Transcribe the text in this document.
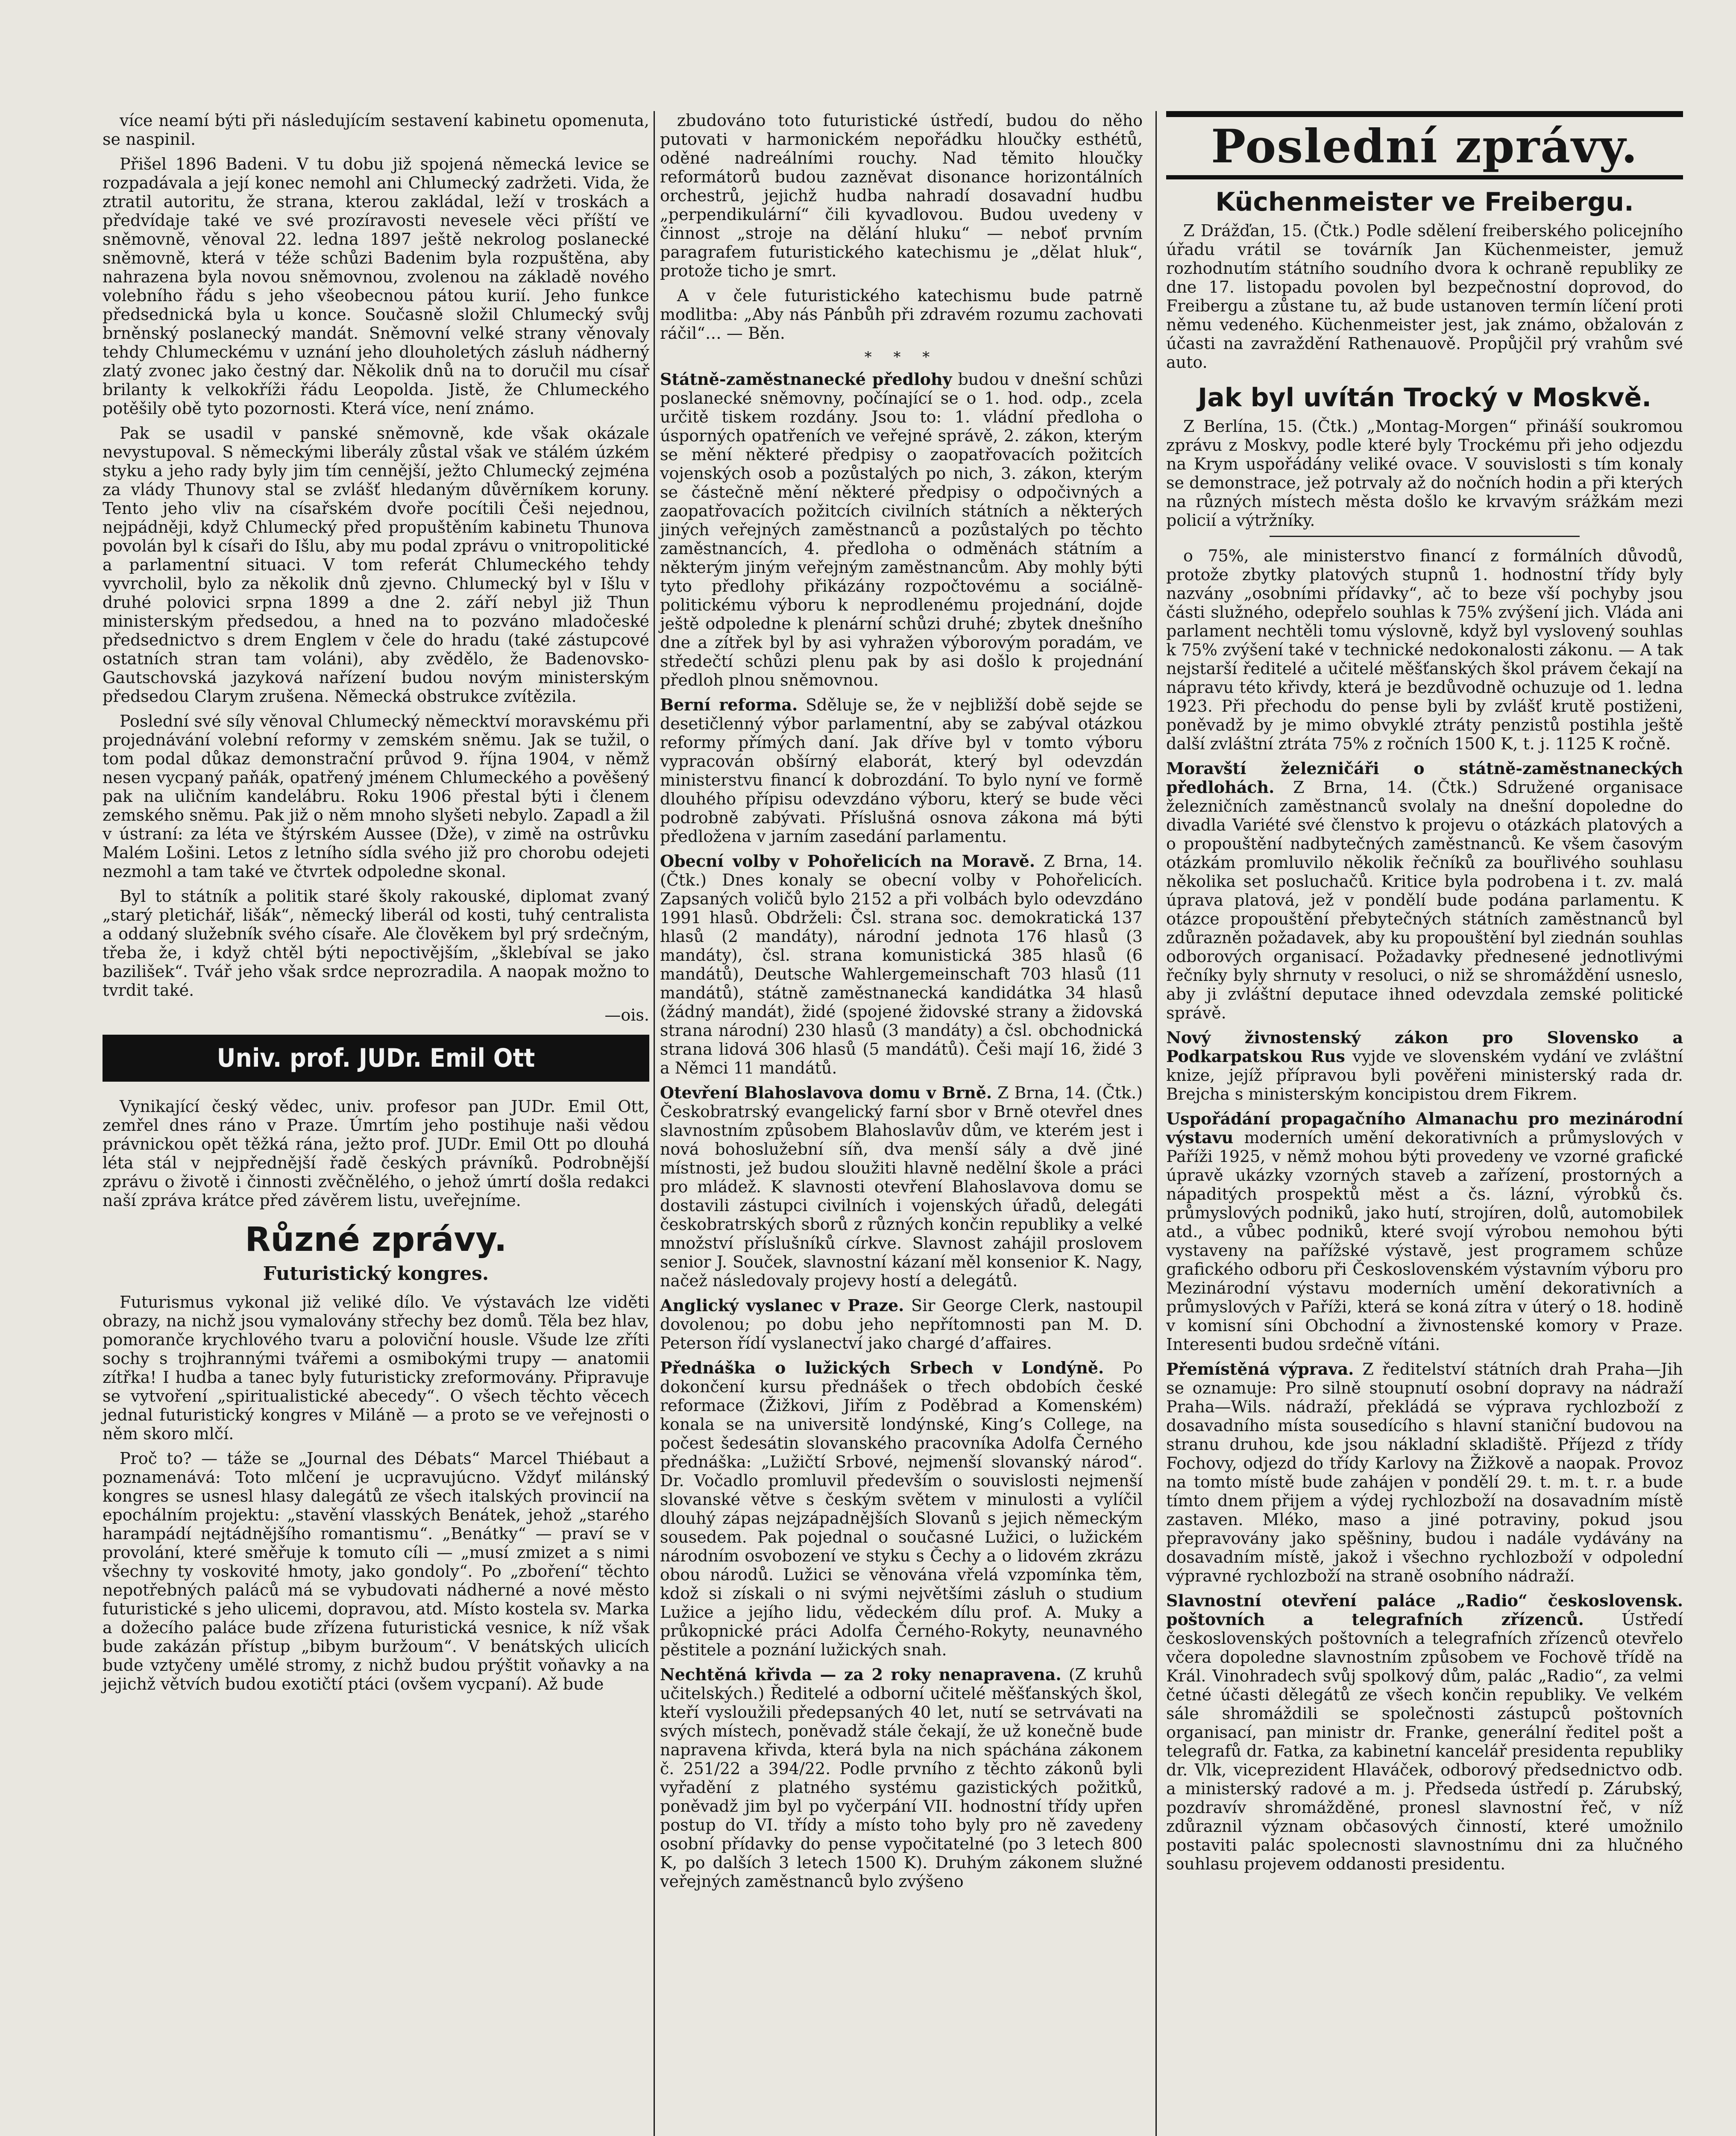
více neamí býti při následujícím sestavení kabinetu opomenuta, se naspinil.

Přišel 1896 Badeni. V tu dobu již spojená německá levice se rozpadávala a její konec nemohl ani Chlumecký zadržeti. Vida, že ztratil autoritu, že strana, kterou zakládal, leží v troskách a předvídaje také ve své prozíravosti nevesele věci příští ve sněmovně, věnoval 22. ledna 1897 ještě nekrolog poslanecké sněmovně, která v téže schůzi Badenim byla rozpuštěna, aby nahrazena byla novou sněmovnou, zvolenou na základě nového volebního řádu s jeho všeobecnou pátou kurií. Jeho funkce předsednická byla u konce. Současně složil Chlumecký svůj brněnský poslanecký mandát. Sněmovní velké strany věnovaly tehdy Chlumeckému v uznání jeho dlouholetých zásluh nádherný zlatý zvonec jako čestný dar. Několik dnů na to doručil mu císař brilanty k velkokříži řádu Leopolda. Jistě, že Chlumeckého potěšily obě tyto pozornosti. Která více, není známo.

Pak se usadil v panské sněmovně, kde však okázale nevystupoval. S německými liberály zůstal však ve stálém úzkém styku a jeho rady byly jim tím cennější, ježto Chlumecký zejména za vlády Thunovy stal se zvlášť hledaným důvěrníkem koruny. Tento jeho vliv na císařském dvoře pocítili Češi nejednou, nejpádněji, když Chlumecký před propuštěním kabinetu Thunova povolán byl k císaři do Išlu, aby mu podal zprávu o vnitropolitické a parlamentní situaci. V tom referát Chlumeckého tehdy vyvrcholil, bylo za několik dnů zjevno. Chlumecký byl v Išlu v druhé polovici srpna 1899 a dne 2. září nebyl již Thun ministerským předsedou, a hned na to pozváno mladočeské předsednictvo s drem Englem v čele do hradu (také zástupcové ostatních stran tam voláni), aby zvědělo, že Badenovsko-Gautschovská jazyková nařízení budou novým ministerským předsedou Clarym zrušena. Německá obstrukce zvítězila.

Poslední své síly věnoval Chlumecký německtví moravskému při projednávání volební reformy v zemském sněmu. Jak se tužil, o tom podal důkaz demonstrační průvod 9. října 1904, v němž nesen vycpaný paňák, opatřený jménem Chlumeckého a pověšený pak na uličním kandelábru. Roku 1906 přestal býti i členem zemského sněmu. Pak již o něm mnoho slyšeti nebylo. Zapadl a žil v ústraní: za léta ve štýrském Aussee (Dže), v zimě na ostrůvku Malém Lošini. Letos z letního sídla svého již pro chorobu odejeti nezmohl a tam také ve čtvrtek odpoledne skonal.

Byl to státník a politik staré školy rakouské, diplomat zvaný „starý pletichář, lišák“, německý liberál od kosti, tuhý centralista a oddaný služebník svého císaře. Ale člověkem byl prý srdečným, třeba že, i když chtěl býti nepoctivějším, „šklebíval se jako bazilišek“. Tvář jeho však srdce neprozradila. A naopak možno to tvrdit také.

—ois.

Univ. prof. JUDr. Emil Ott

Vynikající český vědec, univ. profesor pan JUDr. Emil Ott, zemřel dnes ráno v Praze. Úmrtím jeho postihuje naši vědou právnickou opět těžká rána, ježto prof. JUDr. Emil Ott po dlouhá léta stál v nejpřednější řadě českých právníků. Podrobnější zprávu o životě i činnosti zvěčnělého, o jehož úmrtí došla redakci naší zpráva krátce před závěrem listu, uveřejníme.

Různé zprávy.
Futuristický kongres.

Futurismus vykonal již veliké dílo. Ve výstavách lze viděti obrazy, na nichž jsou vymalovány střechy bez domů. Těla bez hlav, pomoranče krychlového tvaru a poloviční housle. Všude lze zříti sochy s trojhrannými tvářemi a osmibokými trupy — anatomii zítřka! I hudba a tanec byly futuristicky zreformovány. Připravuje se vytvoření „spiritualistické abecedy“. O všech těchto věcech jednal futuristický kongres v Miláně — a proto se ve veřejnosti o něm skoro mlčí.

Proč to? — táže se „Journal des Débats“ Marcel Thiébaut a poznamenává: Toto mlčení je ucpravujúcno. Vždyť milánský kongres se usnesl hlasy dalegátů ze všech italských provincií na epochálním projektu: „stavění vlasských Benátek, jehož „starého harampádí nejtádnějšího romantismu“. „Benátky“ — praví se v provolání, které směřuje k tomuto cíli — „musí zmizet a s nimi všechny ty voskovité hmoty, jako gondoly“. Po „zboření“ těchto nepotřebných paláců má se vybudovati nádherné a nové město futuristické s jeho ulicemi, dopravou, atd. Místo kostela sv. Marka a dožecího paláce bude zřízena futuristická vesnice, k níž však bude zakázán přístup „bibym buržoum“. V benátských ulicích bude vztyčeny umělé stromy, z nichž budou prýštit voňavky a na jejichž větvích budou exotičtí ptáci (ovšem vycpaní). Až bude

zbudováno toto futuristické ústředí, budou do něho putovati v harmonickém nepořádku hloučky esthétů, oděné nadreálními rouchy. Nad těmito hloučky reformátorů budou zazněvat disonance horizontálních orchestrů, jejichž hudba nahradí dosavadní hudbu „perpendikulární“ čili kyvadlovou. Budou uvedeny v činnost „stroje na dělání hluku“ — neboť prvním paragrafem futuristického katechismu je „dělat hluk“, protože ticho je smrt.

A v čele futuristického katechismu bude patrně modlitba: „Aby nás Pánbůh při zdravém rozumu zachovati ráčil“… — Běn.

* * *

Státně-zaměstnanecké předlohy budou v dnešní schůzi poslanecké sněmovny, počínající se o 1. hod. odp., zcela určitě tiskem rozdány. Jsou to: 1. vládní předloha o úsporných opatřeních ve veřejné správě, 2. zákon, kterým se mění některé předpisy o zaopatřovacích požitcích vojenských osob a pozůstalých po nich, 3. zákon, kterým se částečně mění některé předpisy o odpočivných a zaopatřovacích požitcích civilních státních a některých jiných veřejných zaměstnanců a pozůstalých po těchto zaměstnancích, 4. předloha o odměnách státním a některým jiným veřejným zaměstnancům. Aby mohly býti tyto předlohy přikázány rozpočtovému a sociálně-politickému výboru k neprodlenému projednání, dojde ještě odpoledne k plenární schůzi druhé; zbytek dnešního dne a zítřek byl by asi vyhražen výborovým poradám, ve středečtí schůzi plenu pak by asi došlo k projednání předloh plnou sněmovnou.

Berní reforma. Sděluje se, že v nejbližší době sejde se desetičlenný výbor parlamentní, aby se zabýval otázkou reformy přímých daní. Jak dříve byl v tomto výboru vypracován obšírný elaborát, který byl odevzdán ministerstvu financí k dobrozdání. To bylo nyní ve formě dlouhého přípisu odevzdáno výboru, který se bude věci podrobně zabývati. Příslušná osnova zákona má býti předložena v jarním zasedání parlamentu.

Obecní volby v Pohořelicích na Moravě. Z Brna, 14. (Čtk.) Dnes konaly se obecní volby v Pohořelicích. Zapsaných voličů bylo 2152 a při volbách bylo odevzdáno 1991 hlasů. Obdrželi: Čsl. strana soc. demokratická 137 hlasů (2 mandáty), národní jednota 176 hlasů (3 mandáty), čsl. strana komunistická 385 hlasů (6 mandátů), Deutsche Wahlergemeinschaft 703 hlasů (11 mandátů), státně zaměstnanecká kandidátka 34 hlasů (žádný mandát), židé (spojené židovské strany a židovská strana národní) 230 hlasů (3 mandáty) a čsl. obchodnická strana lidová 306 hlasů (5 mandátů). Češi mají 16, židé 3 a Němci 11 mandátů.

Otevření Blahoslavova domu v Brně. Z Brna, 14. (Čtk.) Českobratrský evangelický farní sbor v Brně otevřel dnes slavnostním způsobem Blahoslavův dům, ve kterém jest i nová bohoslužební síň, dva menší sály a dvě jiné místnosti, jež budou sloužiti hlavně nedělní škole a práci pro mládež. K slavnosti otevření Blahoslavova domu se dostavili zástupci civilních i vojenských úřadů, delegáti českobratrských sborů z různých končin republiky a velké množství příslušníků církve. Slavnost zahájil proslovem senior J. Souček, slavnostní kázaní měl konsenior K. Nagy, načež následovaly projevy hostí a delegátů.

Anglický vyslanec v Praze. Sir George Clerk, nastoupil dovolenou; po dobu jeho nepřítomnosti pan M. D. Peterson řídí vyslanectví jako chargé d’affaires.

Přednáška o lužických Srbech v Londýně. Po dokončení kursu přednášek o třech obdobích české reformace (Žižkovi, Jiřím z Poděbrad a Komenském) konala se na universitě londýnské, King’s College, na počest šedesátin slovanského pracovníka Adolfa Černého přednáška: „Lužičtí Srbové, nejmenší slovanský národ“. Dr. Vočadlo promluvil především o souvislosti nejmenší slovanské větve s českým světem v minulosti a vylíčil dlouhý zápas nejzápadnějších Slovanů s jejich německým sousedem. Pak pojednal o současné Lužici, o lužickém národním osvobození ve styku s Čechy a o lidovém zkrázu obou národů. Lužici se věnována vřelá vzpomínka těm, kdož si získali o ni svými největšími zásluh o studium Lužice a jejího lidu, vědeckém dílu prof. A. Muky a průkopnické práci Adolfa Černého-Rokyty, neunavného pěstitele a poznání lužických snah.

Nechtěná křivda — za 2 roky nenapravena. (Z kruhů učitelských.) Ředitelé a odborní učitelé měšťanských škol, kteří vysloužili předepsaných 40 let, nutí se setrvávati na svých místech, poněvadž stále čekají, že už konečně bude napravena křivda, která byla na nich spáchána zákonem č. 251/22 a 394/22. Podle prvního z těchto zákonů byli vyřadění z platného systému gazistických požitků, poněvadž jim byl po vyčerpání VII. hodnostní třídy upřen postup do VI. třídy a místo toho byly pro ně zavedeny osobní přídavky do pense vypočitatelné (po 3 letech 800 K, po dalších 3 letech 1500 K). Druhým zákonem služné veřejných zaměstnanců bylo zvýšeno

Poslední zprávy.
Küchenmeister ve Freibergu.

Z Drážďan, 15. (Čtk.) Podle sdělení freiberského policejního úřadu vrátil se továrník Jan Küchenmeister, jemuž rozhodnutím státního soudního dvora k ochraně republiky ze dne 17. listopadu povolen byl bezpečnostní doprovod, do Freibergu a zůstane tu, až bude ustanoven termín líčení proti němu vedeného. Küchenmeister jest, jak známo, obžalován z účasti na zavraždění Rathenauově. Propůjčil prý vrahům své auto.

Jak byl uvítán Trocký v Moskvě.

Z Berlína, 15. (Čtk.) „Montag-Morgen“ přináší soukromou zprávu z Moskvy, podle které byly Trockému při jeho odjezdu na Krym uspořádány veliké ovace. V souvislosti s tím konaly se demonstrace, jež potrvaly až do nočních hodin a při kterých na různých místech města došlo ke krvavým srážkám mezi policií a výtržníky.

o 75%, ale ministerstvo financí z formálních důvodů, protože zbytky platových stupnů 1. hodnostní třídy byly nazvány „osobními přídavky“, ač to beze vší pochyby jsou části služného, odepřelo souhlas k 75% zvýšení jich. Vláda ani parlament nechtěli tomu výslovně, když byl vyslovený souhlas k 75% zvýšení také v technické nedokonalosti zákonu. — A tak nejstarší ředitelé a učitelé měšťanských škol právem čekají na nápravu této křivdy, která je bezdůvodně ochuzuje od 1. ledna 1923. Při přechodu do pense byli by zvlášť krutě postiženi, poněvadž by je mimo obvyklé ztráty penzistů postihla ještě další zvláštní ztráta 75% z ročních 1500 K, t. j. 1125 K ročně.

Moravští železničáři o státně-zaměstnaneckých předlohách. Z Brna, 14. (Čtk.) Sdružené organisace železničních zaměstnanců svolaly na dnešní dopoledne do divadla Variété své členstvo k projevu o otázkách platových a o propouštění nadbytečných zaměstnanců. Ke všem časovým otázkám promluvilo několik řečníků za bouřlivého souhlasu několika set posluchačů. Kritice byla podrobena i t. zv. malá úprava platová, jež v pondělí bude podána parlamentu. K otázce propouštění přebytečných státních zaměstnanců byl zdůrazněn požadavek, aby ku propouštění byl ziednán souhlas odborových organisací. Požadavky přednesené jednotlivými řečníky byly shrnuty v resoluci, o niž se shromáždění usneslo, aby ji zvláštní deputace ihned odevzdala zemské politické správě.

Nový živnostenský zákon pro Slovensko a Podkarpatskou Rus vyjde ve slovenském vydání ve zvláštní knize, jejíž přípravou byli pověřeni ministerský rada dr. Brejcha s ministerským koncipistou drem Fikrem.

Uspořádání propagačního Almanachu pro mezinárodní výstavu moderních umění dekorativních a průmyslových v Paříži 1925, v němž mohou býti provedeny ve vzorné grafické úpravě ukázky vzorných staveb a zařízení, prostorných a nápaditých prospektů měst a čs. lázní, výrobků čs. průmyslových podniků, jako hutí, strojíren, dolů, automobilek atd., a vůbec podniků, které svojí výrobou nemohou býti vystaveny na pařížské výstavě, jest programem schůze grafického odboru při Československém výstavním výboru pro Mezinárodní výstavu moderních umění dekorativních a průmyslových v Paříži, která se koná zítra v úterý o 18. hodině v komisní síni Obchodní a živnostenské komory v Praze. Interesenti budou srdečně vítáni.

Přemístěná výprava. Z ředitelství státních drah Praha—Jih se oznamuje: Pro silně stoupnutí osobní dopravy na nádraží Praha—Wils. nádraží, překládá se výprava rychlozboží z dosavadního místa sousedícího s hlavní staniční budovou na stranu druhou, kde jsou nákladní skladiště. Příjezd z třídy Fochovy, odjezd do třídy Karlovy na Žižkově a naopak. Provoz na tomto místě bude zahájen v pondělí 29. t. m. t. r. a bude tímto dnem přijem a výdej rychlozboží na dosavadním místě zastaven. Mléko, maso a jiné potraviny, pokud jsou přepravovány jako spěšniny, budou i nadále vydávány na dosavadním místě, jakož i všechno rychlozboží v odpolední výpravné rychlozboží na straně osobního nádraží.

Slavnostní otevření paláce „Radio“ československ. poštovních a telegrafních zřízenců. Ústředí československých poštovních a telegrafních zřízenců otevřelo včera dopoledne slavnostním způsobem ve Fochově třídě na Král. Vinohradech svůj spolkový dům, palác „Radio“, za velmi četné účasti dělegátů ze všech končin republiky. Ve velkém sále shromáždili se společnosti zástupců poštovních organisací, pan ministr dr. Franke, generální ředitel pošt a telegrafů dr. Fatka, za kabinetní kancelář presidenta republiky dr. Vlk, viceprezident Hlaváček, odborový předsednictvo odb. a ministerský radové a m. j. Předseda ústředí p. Zárubský, pozdravív shromážděné, pronesl slavnostní řeč, v níž zdůraznil význam občasových činností, které umožnilo postaviti palác spolecnosti slavnostnímu dni za hlučného souhlasu projevem oddanosti presidentu.
